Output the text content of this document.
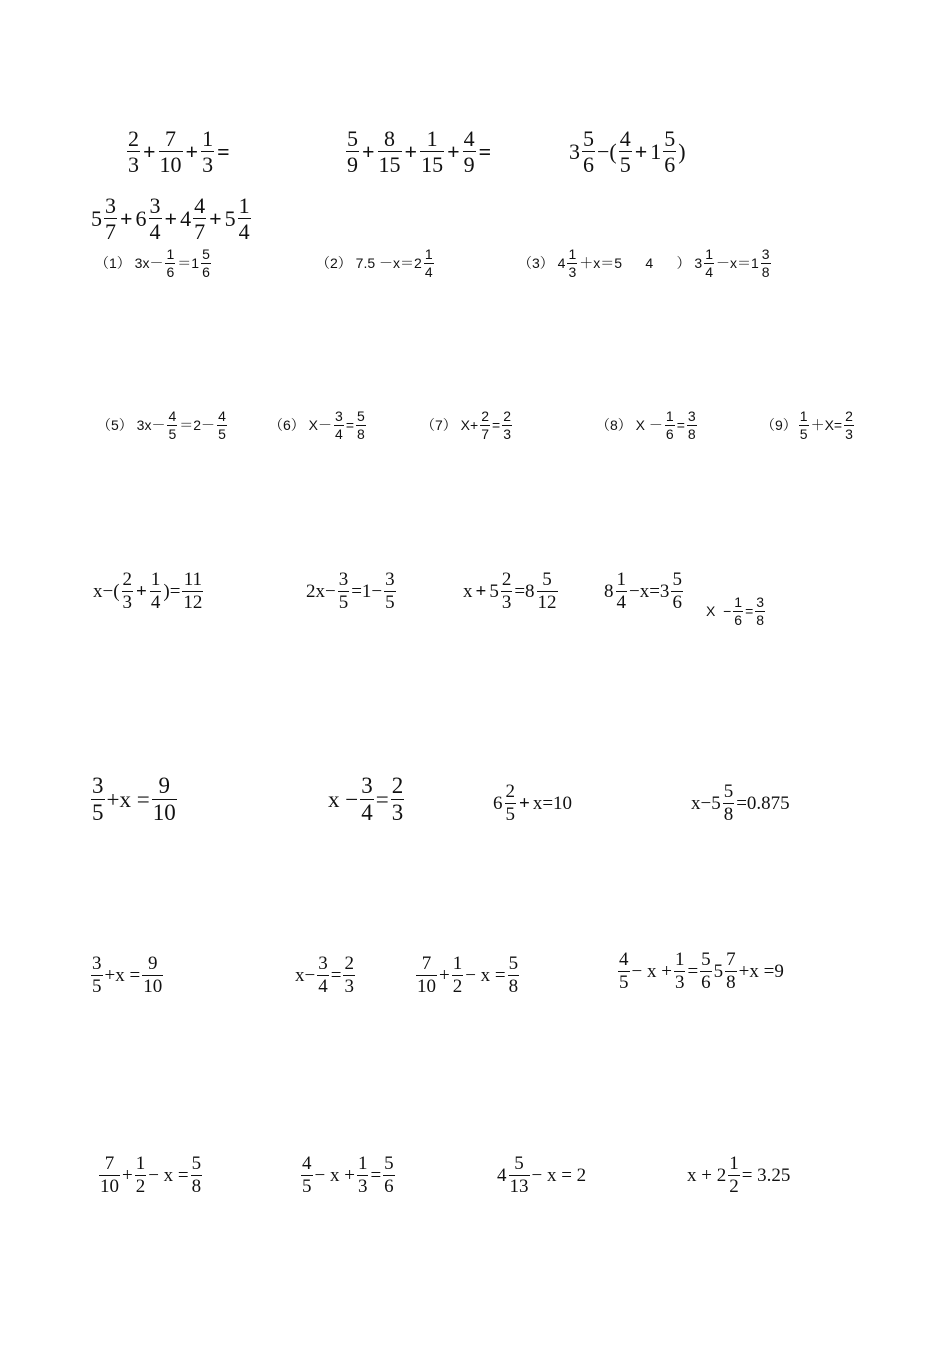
$\frac{2}{3} + \frac{7}{10} + \frac{1}{3}$ =	$\frac{5}{9} + \frac{8}{15} + \frac{1}{15} + \frac{4}{9}$ =	$3 \frac{5}{6}$ −( $\frac{4}{5} + 1 \frac{5}{6}$ )
$5 \frac{3}{7} + 6 \frac{3}{4} + 4 \frac{4}{7} + 5 \frac{1}{4}$
（1） $3x- \frac{1}{6} =1 \frac{5}{6}$	（2） $7.5 -x=2 \frac{1}{4}$	（3） $4 \frac{1}{3} +x=5$      4      ） $3 \frac{1}{4} -x=1 \frac{3}{8}$
（5） $3x- \frac{4}{5} =2- \frac{4}{5}$	（6） $X- \frac{3}{4} = \frac{5}{8}$	（7） $X+ \frac{2}{7} = \frac{2}{3}$	（8） $X - \frac{1}{6} = \frac{3}{8}$	$(9) \frac{1}{5} +X= \frac{2}{3}$
$x-( \frac{2}{3} + \frac{1}{4}$ )= $\frac{11}{12}$	$2x- \frac{3}{5} =1- \frac{3}{5}$	$x + 5 \frac{2}{3} =8 \frac{5}{12} 8 \frac{1}{4} -x=3 \frac{5}{6}$ $X - \frac{1}{6} = \frac{3}{8}$
$\frac{3}{5} +x = \frac{9}{10}$	$x - \frac{3}{4} = \frac{2}{3}$	$6 \frac{2}{5} + x=10$	$x-5 \frac{5}{8} =0.875$
$\frac{3}{5} +x = \frac{9}{10}$	$x- \frac{3}{4} = \frac{2}{3}$	$\frac{7}{10} + \frac{1}{2} - x = \frac{5}{8}$	$\frac{4}{5} - x + \frac{1}{3} = \frac{5}{6} 5 \frac{7}{8} +x =9$
$\frac{7}{10} + \frac{1}{2} - x = \frac{5}{8}$	$\frac{4}{5} - x + \frac{1}{3} = \frac{5}{6}$	$4 \frac{5}{13} - x = 2$	$x + 2 \frac{1}{2} = 3.25$
